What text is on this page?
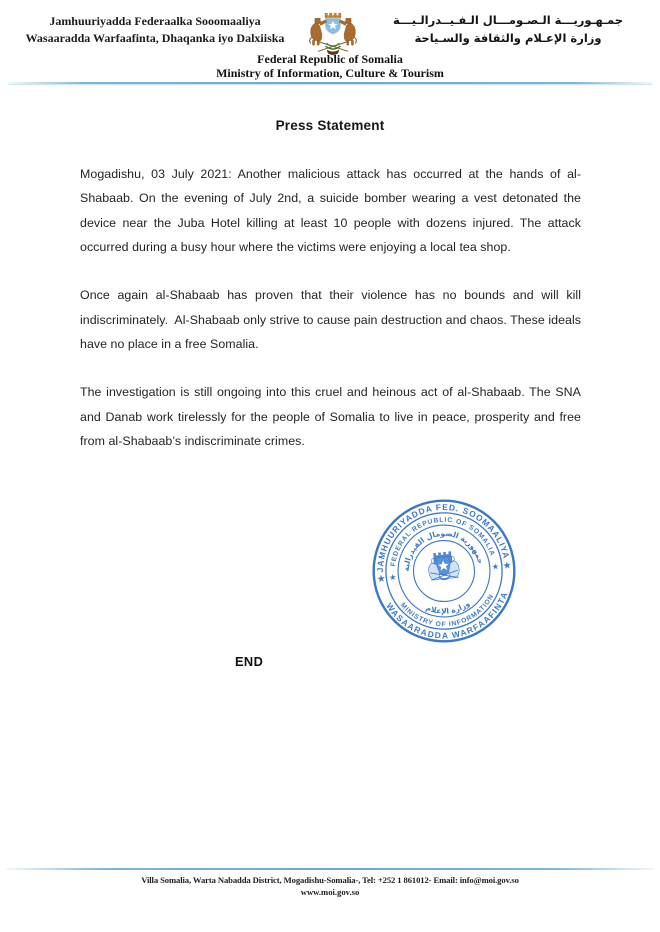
Jamhuuriyadda Federaalka Sooomaaliya
Wasaaradda Warfaafinta, Dhaqanka iyo Dalxiiska
جمـهـوريـــة الـصـومـــال الـفـيــدرالـيـــة
وزارة الإعـلام والثقافة والسـياحة
Federal Republic of Somalia
Ministry of Information, Culture & Tourism
Press Statement

Mogadishu, 03 July 2021: Another malicious attack has occurred at the hands of al-Shabaab. On the evening of July 2nd, a suicide bomber wearing a vest detonated the device near the Juba Hotel killing at least 10 people with dozens injured. The attack occurred during a busy hour where the victims were enjoying a local tea shop.

Once again al-Shabaab has proven that their violence has no bounds and will kill indiscriminately.  Al-Shabaab only strive to cause pain destruction and chaos. These ideals have no place in a free Somalia.

The investigation is still ongoing into this cruel and heinous act of al-Shabaab. The SNA and Danab work tirelessly for the people of Somalia to live in peace, prosperity and free from al-Shabaab’s indiscriminate crimes.

JAMHUURIYADDA FED. SOOMAALIYA
WASAARADDA WARFAAFINTA
FEDERAL REPUBLIC OF SOMALIA
MINISTRY OF INFORMATION
جمهورية الصومال الفيدرالية
وزارة الإعلام
★ ★
★
★
END
Villa Somalia, Warta Nabadda District, Mogadishu-Somalia-, Tel: +252 1 861012- Email: info@moi.gov.so
www.moi.gov.so
